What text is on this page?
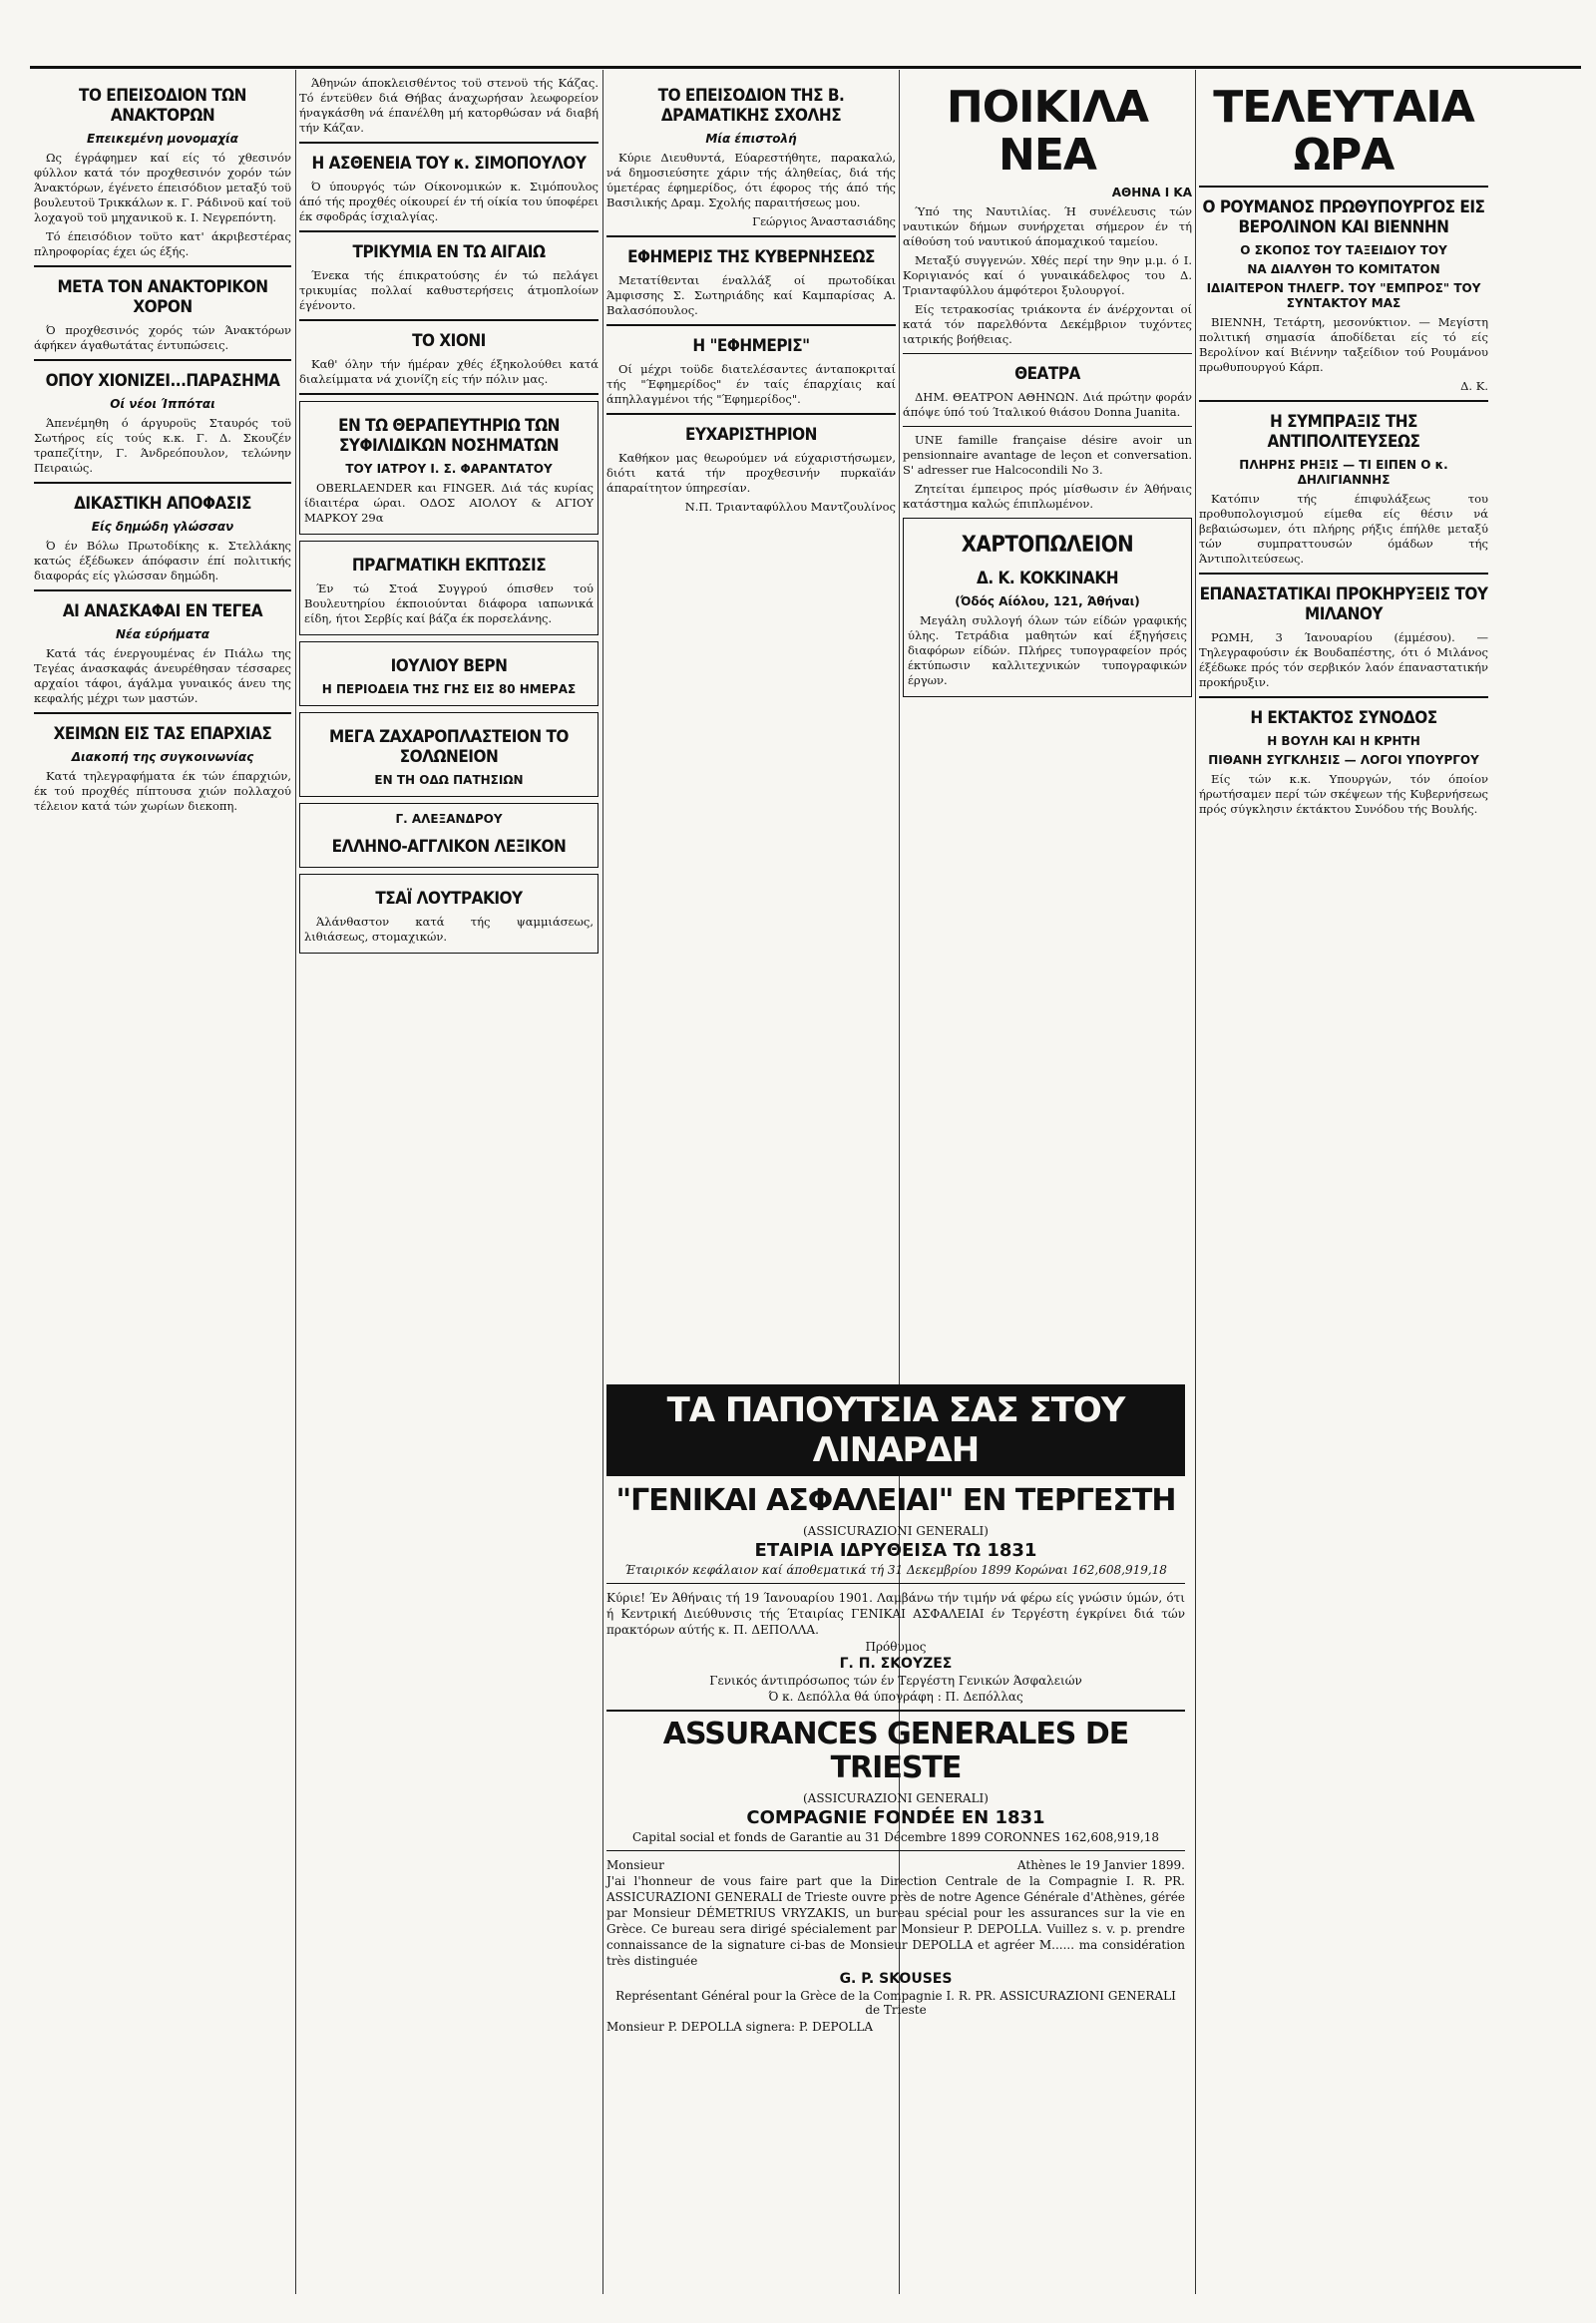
ΤΟ ΕΠΕΙΣΟΔΙΟΝ ΤΩΝ ΑΝΑΚΤΟΡΩΝ
Επεικεμένη μονομαχία

Ως έγράφημεν καί είς τό χθεσινόν φύλλον κατά τόν προχθεσινόν χορόν τών Άνακτόρων, έγένετο έπεισόδιον μεταξύ τοϋ βουλευτοϋ Τρικκάλων κ. Γ. Ράδινοϋ καί τοϋ λοχαγοϋ τοϋ μηχανικοϋ κ. Ι. Νεγρεπόντη.

Τό έπεισόδιον τοϋτο κατ' άκριβεστέρας πληροφορίας έχει ώς έξής.

ΜΕΤΑ ΤΟΝ ΑΝΑΚΤΟΡΙΚΟΝ ΧΟΡΟΝ

Ό προχθεσινός χορός τών Άνακτόρων άφήκεν άγαθωτάτας έντυπώσεις.

ΟΠΟΥ ΧΙΟΝΙΖΕΙ...ΠΑΡΑΣΗΜΑ
Οί νέοι Ίππόται

Άπενέμηθη ό άργυροϋς Σταυρός τοϋ Σωτήρος είς τούς κ.κ. Γ. Δ. Σκουζέν τραπεζίτην, Γ. Άνδρεόπουλον, τελώνην Πειραιώς.

ΔΙΚΑΣΤΙΚΗ ΑΠΟΦΑΣΙΣ
Είς δημώδη γλώσσαν

Ό έν Βόλω Πρωτοδίκης κ. Στελλάκης κατώς έξέδωκεν άπόφασιν έπί πολιτικής διαφοράς είς γλώσσαν δημώδη.

ΑΙ ΑΝΑΣΚΑΦΑΙ ΕΝ ΤΕΓΕΑ
Νέα εύρήματα

Κατά τάς ένεργουμένας έν Πιάλω της Τεγέας άνασκαφάς άνευρέθησαν τέσσαρες αρχαίοι τάφοι, άγάλμα γυναικός άνευ της κεφαλής μέχρι των μαστών.

ΧΕΙΜΩΝ ΕΙΣ ΤΑΣ ΕΠΑΡΧΙΑΣ
Διακοπή της συγκοινωνίας

Κατά τηλεγραφήματα έκ τών έπαρχιών, έκ τού προχθές πίπτουσα χιών πολλαχού τέλειον κατά τών χωρίων διεκοπη.

Άθηνών άποκλεισθέντος τοϋ στενοϋ τής Κάζας. Τό έντεϋθεν διά Θήβας άναχωρήσαν λεωφορείον ήναγκάσθη νά έπανέλθη μή κατορθώσαν νά διαβή τήν Κάζαν.

Η ΑΣΘΕΝΕΙΑ ΤΟΥ κ. ΣΙΜΟΠΟΥΛΟΥ

Ό ύπουργός τών Οίκονομικών κ. Σιμόπουλος άπό τής προχθές οίκουρεί έν τή οίκία του ύποφέρει έκ σφοδράς ίσχιαλγίας.

ΤΡΙΚΥΜΙΑ ΕΝ ΤΩ ΑΙΓΑΙΩ

Ένεκα τής έπικρατούσης έν τώ πελάγει τρικυμίας πολλαί καθυστερήσεις άτμοπλοίων έγένοντο.

ΤΟ ΧΙΟΝΙ

Καθ' όλην τήν ήμέραν χθές έξηκολούθει κατά διαλείμματα νά χιονίζη είς τήν πόλιν μας.

ΕΝ ΤΩ ΘΕΡΑΠΕΥΤΗΡΙΩ ΤΩΝ ΣΥΦΙΛΙΔΙΚΩΝ ΝΟΣΗΜΑΤΩΝ
ΤΟΥ ΙΑΤΡΟΥ Ι. Σ. ΦΑΡΑΝΤΑΤΟΥ

ΟBERLAENDER και FINGER. Διά τάς κυρίας ίδιαιτέρα ώραι. ΟΔΟΣ ΑΙΟΛΟΥ & ΑΓΙΟΥ ΜΑΡΚΟΥ 29α

ΠΡΑΓΜΑΤΙΚΗ ΕΚΠΤΩΣΙΣ

Έν τώ Στοά Συγγρού όπισθεν τού Βουλευτηρίου έκποιούνται διάφορα ιαπωνικά είδη, ήτοι Σερβίς καί βάζα έκ πορσελάνης.

ΙΟΥΛΙΟΥ ΒΕΡΝ
Η ΠΕΡΙΟΔΕΙΑ ΤΗΣ ΓΗΣ ΕΙΣ 80 ΗΜΕΡΑΣ
ΜΕΓΑ ΖΑΧΑΡΟΠΛΑΣΤΕΙΟΝ ΤΟ ΣΟΛΩΝΕΙΟΝ
ΕΝ ΤΗ ΟΔΩ ΠΑΤΗΣΙΩΝ
Γ. ΑΛΕΞΑΝΔΡΟΥ
ΕΛΛΗΝΟ-ΑΓΓΛΙΚΟΝ ΛΕΞΙΚΟΝ
ΤΣΑΪ ΛΟΥΤΡΑΚΙΟΥ

Άλάνθαστον κατά τής ψαμμιάσεως, λιθιάσεως, στομαχικών.

ΤΟ ΕΠΕΙΣΟΔΙΟΝ ΤΗΣ Β. ΔΡΑΜΑΤΙΚΗΣ ΣΧΟΛΗΣ
Μία έπιστολή

Κύριε Διευθυντά, Εύαρεστήθητε, παρακαλώ, νά δημοσιεύσητε χάριν τής άληθείας, διά τής ύμετέρας έφημερίδος, ότι έφορος τής άπό τής Βασιλικής Δραμ. Σχολής παραιτήσεως μου.

Γεώργιος Άναστασιάδης
ΕΦΗΜΕΡΙΣ ΤΗΣ ΚΥΒΕΡΝΗΣΕΩΣ

Μετατίθενται έναλλάξ οί πρωτοδίκαι Άμφισσης Σ. Σωτηριάδης καί Καμπαρίσας Α. Βαλασόπουλος.

Η "ΕΦΗΜΕΡΙΣ"

Οί μέχρι τοϋδε διατελέσαντες άνταποκριταί τής "Έφημερίδος" έν ταίς έπαρχίαις καί άπηλλαγμένοι τής "Έφημερίδος".

ΕΥΧΑΡΙΣΤΗΡΙΟΝ

Καθήκον μας θεωρούμεν νά εύχαριστήσωμεν, διότι κατά τήν προχθεσινήν πυρκαϊάν άπαραίτητον ύπηρεσίαν.

Ν.Π. Τριανταφύλλου Μαντζουλίνος
ΠΟΙΚΙΛΑ ΝΕΑ
ΑΘΗΝΑ Ι ΚΑ

Ύπό της Ναυτιλίας. Ή συνέλευσις τών ναυτικών δήμων συνήρχεται σήμερον έν τή αίθούση τού ναυτικού άπομαχικού ταμείου.

Μεταξύ συγγενών. Χθές περί την 9ην μ.μ. ό Ι. Κοριγιανός καί ό γυναικάδελφος του Δ. Τριανταφύλλου άμφότεροι ξυλουργοί.

Είς τετρακοσίας τριάκοντα έν άνέρχονται οί κατά τόν παρελθόντα Δεκέμβριον τυχόντες ιατρικής βοήθειας.

ΘΕΑΤΡΑ

ΔΗΜ. ΘΕΑΤΡΟΝ ΑΘΗΝΩΝ. Διά πρώτην φοράν άπόψε ύπό τού Ίταλικού θιάσου Donna Juanita.

UNE famille française désire avoir un pensionnaire avantage de leçon et conversation. S' adresser rue Halcocondili No 3.

Ζητείται έμπειρος πρός μίσθωσιν έν Άθήναις κατάστημα καλώς έπιπλωμένον.

ΧΑΡΤΟΠΩΛΕΙΟΝ
Δ. Κ. ΚΟΚΚΙΝΑΚΗ
(Όδός Αίόλου, 121, Άθήναι)

Μεγάλη συλλογή όλων τών είδών γραφικής ύλης. Τετράδια μαθητών καί έξηγήσεις διαφόρων είδών. Πλήρες τυπογραφείον πρός έκτύπωσιν καλλιτεχνικών τυπογραφικών έργων.

ΤΕΛΕΥΤΑΙΑ ΩΡΑ
Ο ΡΟΥΜΑΝΟΣ ΠΡΩΘΥΠΟΥΡΓΟΣ ΕΙΣ ΒΕΡΟΛΙΝΟΝ ΚΑΙ ΒΙΕΝΝΗΝ
Ο ΣΚΟΠΟΣ ΤΟΥ ΤΑΞΕΙΔΙΟΥ ΤΟΥ
ΝΑ ΔΙΑΛΥΘΗ ΤΟ ΚΟΜΙΤΑΤΟΝ
ΙΔΙΑΙΤΕΡΟΝ ΤΗΛΕΓΡ. ΤΟΥ "ΕΜΠΡΟΣ" ΤΟΥ ΣΥΝΤΑΚΤΟΥ ΜΑΣ

ΒΙΕΝΝΗ, Τετάρτη, μεσονύκτιον. — Μεγίστη πολιτική σημασία άποδίδεται είς τό είς Βερολίνον καί Βιέννην ταξείδιον τού Ρουμάνου πρωθυπουργού Κάρπ.

Δ. Κ.
Η ΣΥΜΠΡΑΞΙΣ ΤΗΣ ΑΝΤΙΠΟΛΙΤΕΥΣΕΩΣ
ΠΛΗΡΗΣ ΡΗΞΙΣ — ΤΙ ΕΙΠΕΝ Ο κ. ΔΗΛΙΓΙΑΝΝΗΣ

Κατόπιν τής έπιφυλάξεως του προθυπολογισμού είμεθα είς θέσιν νά βεβαιώσωμεν, ότι πλήρης ρήξις έπήλθε μεταξύ τών συμπραττουσών όμάδων τής Άντιπολιτεύσεως.

ΕΠΑΝΑΣΤΑΤΙΚΑΙ ΠΡΟΚΗΡΥΞΕΙΣ ΤΟΥ ΜΙΛΑΝΟΥ

ΡΩΜΗ, 3 Ίανουαρίου (έμμέσου). — Τηλεγραφούσιν έκ Βουδαπέστης, ότι ό Μιλάνος έξέδωκε πρός τόν σερβικόν λαόν έπαναστατικήν προκήρυξιν.

Η ΕΚΤΑΚΤΟΣ ΣΥΝΟΔΟΣ
Η ΒΟΥΛΗ ΚΑΙ Η ΚΡΗΤΗ
ΠΙΘΑΝΗ ΣΥΓΚΛΗΣΙΣ — ΛΟΓΟΙ ΥΠΟΥΡΓΟΥ

Είς τών κ.κ. Υπουργών, τόν όποίον ήρωτήσαμεν περί τών σκέψεων τής Κυβερνήσεως πρός σύγκλησιν έκτάκτου Συνόδου τής Βουλής.

ΤΑ ΠΑΠΟΥΤΣΙΑ ΣΑΣ ΣΤΟΥ ΛΙΝΑΡΔΗ
"ΓΕΝΙΚΑΙ ΑΣΦΑΛΕΙΑΙ" ΕΝ ΤΕΡΓΕΣΤΗ
(ASSICURAZIONI GENERALI)
ΕΤΑΙΡΙΑ ΙΔΡΥΘΕΙΣΑ ΤΩ 1831
Έταιρικόν κεφάλαιον καί άποθεματικά τή 31 Δεκεμβρίου 1899 Κορώναι 162,608,919,18
Κύριε! Έν Άθήναις τή 19 Ίανουαρίου 1901. Λαμβάνω τήν τιμήν νά φέρω είς γνώσιν ύμών, ότι ή Κεντρική Διεύθυνσις τής Έταιρίας ΓΕΝΙΚΑΙ ΑΣΦΑΛΕΙΑΙ έν Τεργέστη έγκρίνει διά τών πρακτόρων αύτής κ. Π. ΔΕΠΟΛΛΑ.
Πρόθυμος
Γ. Π. ΣΚΟΥΖΕΣ
Γενικός άντιπρόσωπος τών έν Τεργέστη Γενικών Άσφαλειών
Ό κ. Δεπόλλα θά ύπογράφη : Π. Δεπόλλας
ASSURANCES GENERALES DE TRIESTE
(ASSICURAZIONI GENERALI)
COMPAGNIE FONDÉE EN 1831
Capital social et fonds de Garantie au 31 Décembre 1899 CORONNES 162,608,919,18
Monsieur	Athènes le 19 Janvier 1899.
J'ai l'honneur de vous faire part que la Direction Centrale de la Compagnie I. R. PR. ASSICURAZIONI GENERALI de Trieste ouvre près de notre Agence Générale d'Athènes, gérée par Monsieur DÉMETRIUS VRYZAKIS, un bureau spécial pour les assurances sur la vie en Grèce. Ce bureau sera dirigé spécialement par Monsieur P. DEPOLLA. Vuillez s. v. p. prendre connaissance de la signature ci-bas de Monsieur DEPOLLA et agréer M...... ma considération très distinguée
G. P. SKOUSES
Représentant Général pour la Grèce de la Compagnie I. R. PR. ASSICURAZIONI GENERALI de Trieste
Monsieur P. DEPOLLA signera: P. DEPOLLA
